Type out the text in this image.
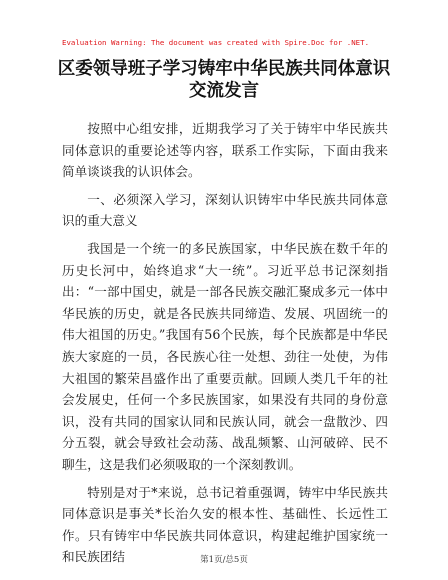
Evaluation Warning: The document was created with Spire.Doc for .NET.
区委领导班子学习铸牢中华民族共同体意识交流发言

按照中心组安排，近期我学习了关于铸牢中华民族共同体意识的重要论述等内容，联系工作实际，下面由我来简单谈谈我的认识体会。

一、必须深入学习，深刻认识铸牢中华民族共同体意识的重大意义

我国是一个统一的多民族国家，中华民族在数千年的历史长河中，始终追求“大一统”。习近平总书记深刻指出：“一部中国史，就是一部各民族交融汇聚成多元一体中华民族的历史，就是各民族共同缔造、发展、巩固统一的伟大祖国的历史。”我国有56个民族，每个民族都是中华民族大家庭的一员，各民族心往一处想、劲往一处使，为伟大祖国的繁荣昌盛作出了重要贡献。回顾人类几千年的社会发展史，任何一个多民族国家，如果没有共同的身份意识，没有共同的国家认同和民族认同，就会一盘散沙、四分五裂，就会导致社会动荡、战乱频繁、山河破碎、民不聊生，这是我们必须吸取的一个深刻教训。

特别是对于*来说，总书记着重强调，铸牢中华民族共同体意识是事关*长治久安的根本性、基础性、长远性工作。只有铸牢中华民族共同体意识，构建起维护国家统一和民族团结	第1页/总5页
